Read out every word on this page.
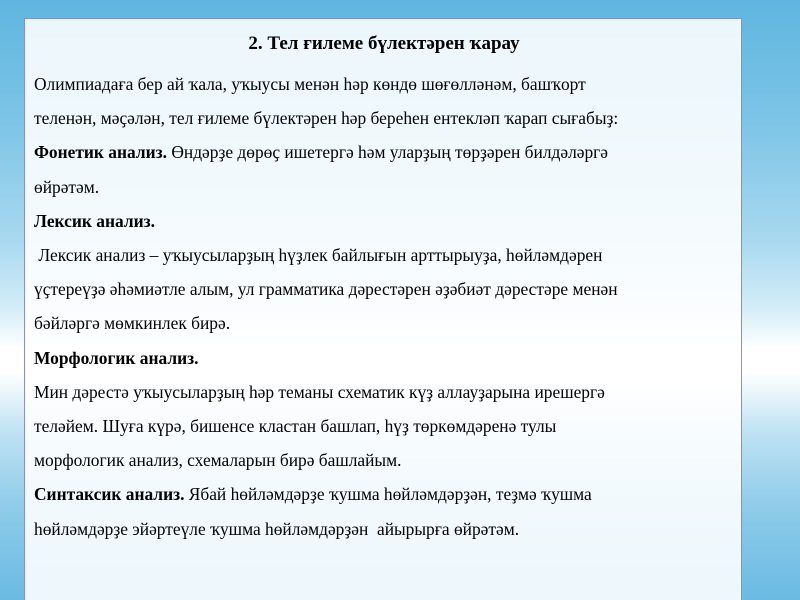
2. Тел ғилеме бүлектәрен ҡарау
Олимпиадаға бер ай ҡала, уҡыусы менән һәр көндө шөғөлләнәм, башҡорт
теленән, мәҫәлән, тел ғилеме бүлектәрен һәр береһен ентекләп ҡарап сығабыҙ:
Фонетик анализ. Өндәрҙе дөрөҫ ишетергә һәм уларҙың төрҙәрен билдәләргә
өйрәтәм.
Лексик анализ.
Лексик анализ – уҡыусыларҙың һүҙлек байлығын арттырыуҙа, һөйләмдәрен
үҫтереүҙә әһәмиәтле алым, ул грамматика дәрестәрен әҙәбиәт дәрестәре менән
бәйләргә мөмкинлек бирә.
Морфологик анализ.
Мин дәрестә уҡыусыларҙың һәр теманы схематик күҙ аллауҙарына ирешергә
теләйем. Шуға күрә, бишенсе кластан башлап, һүҙ төркөмдәренә тулы
морфологик анализ, схемаларын бирә башлайым.
Синтаксик анализ. Ябай һөйләмдәрҙе ҡушма һөйләмдәрҙән, теҙмә ҡушма
һөйләмдәрҙе эйәртеүле ҡушма һөйләмдәрҙән  айырырға өйрәтәм.
